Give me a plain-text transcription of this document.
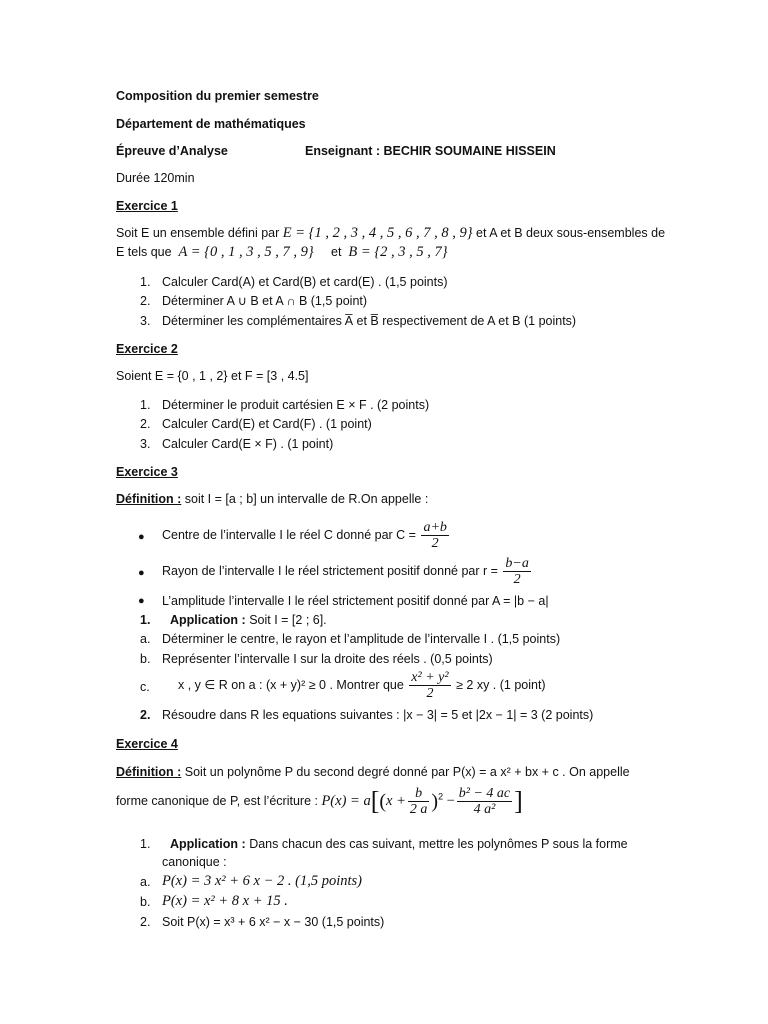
Composition du premier semestre
Département de mathématiques
Épreuve d’Analyse	Enseignant : BECHIR SOUMAINE HISSEIN
Durée 120min
Exercice 1
Soit E un ensemble défini par E = {1 , 2 , 3 , 4 , 5 , 6 , 7 , 8 , 9} et A et B deux sous-ensembles de
E tels que A = {0 , 1 , 3 , 5 , 7 , 9} et B = {2 , 3 , 5 , 7}
1. Calculer Card(A) et Card(B) et card(E) . (1,5 points)
2. Déterminer A ∪ B et A ∩ B (1,5 point)
3. Déterminer les complémentaires A̅ et B̅ respectivement de A et B (1 points)
Exercice 2
Soient E = {0 , 1 , 2} et F = [3 , 4.5]
1. Déterminer le produit cartésien E × F . (2 points)
2. Calculer Card(E) et Card(F) . (1 point)
3. Calculer Card(E × F) . (1 point)
Exercice 3
Définition : soit I = [a ; b] un intervalle de R.On appelle :
● Centre de l’intervalle I le réel C donné par $C = \frac{a+b}{2}$
● Rayon de l’intervalle I le réel strictement positif donné par $r = \frac{b-a}{2}$
● L’amplitude l’intervalle I le réel strictement positif donné par A = |b − a|
1. Application : Soit I = [2 ; 6].
a. Déterminer le centre, le rayon et l’amplitude de l’intervalle I . (1,5 points)
b. Représenter l’intervalle I sur la droite des réels . (0,5 points)
c. x , y ∈ R on a : (x + y)² ≥ 0 . Montrer que $\frac{\text{x² + y²}}{2} \ge 2$ xy . (1 point)
2. Résoudre dans R les equations suivantes : |x − 3| = 5 et |2x − 1| = 3 (2 points)
Exercice 4
Définition : Soit un polynôme P du second degré donné par P(x) = a x² + bx + c . On appelle
forme canonique de P, est l’écriture : $P(x) = a[(x + \frac{b}{2 a} )^2 - \frac{\text{b² − 4 ac}}{\text{4 a²}}$ ]
1. Application : Dans chacun des cas suivant, mettre les polynômes P sous la forme
canonique :
a. P(x) = 3 x² + 6 x − 2 . (1,5 points)
b. P(x) = x² + 8 x + 15 .
2. Soit P(x) = x³ + 6 x² − x − 30 (1,5 points)
